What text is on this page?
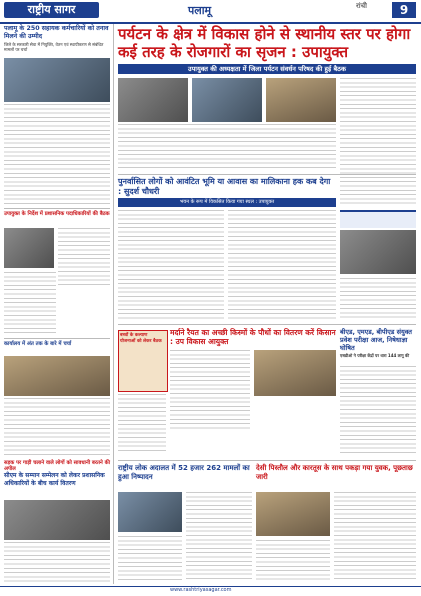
राष्ट्रीय सागर	पलामू	रांची	9
पर्यटन के क्षेत्र में विकास होने से स्थानीय स्तर पर होगा कई तरह के रोजगारों का सृजन : उपायुक्त
उपायुक्त की अध्यक्षता में जिला पर्यटन संवर्धन परिषद की हुई बैठक
पलामू के 250 सहायक कर्मचारियों को तनाव मिलने की उम्मीद
जिले के सरकारी सेवा में नियुक्ति, वेतन एवं स्थायीकरण से संबंधित मामलों पर चर्चा
उपायुक्त के निर्देश में प्रशासनिक पदाधिकारियों की बैठक
कार्यालय में अंत तक के बारे में चर्चा
सड़क पर गाड़ी चलाने वाले लोगों को सावधानी बरतने की अपील
पुनर्वासित लोगों को आवंटित भूमि या आवास का मालिकाना हक कब देगा : सुदर्श चौधरी
भवन के रूप में विकसित किया गया स्थल : उपायुक्त
बच्चों के कल्याण योजनाओं को लेकर बैठक
मर्दाने रैयत का अच्छी किस्मों के पौधों का वितरण करें किसान : उप विकास आयुक्त
बीएड, एमएड, बीपीएड संयुक्त प्रवेश परीक्षा आज, निषेधाज्ञा घोषित
एसडीओ ने परीक्षा केंद्रों पर धारा 144 लागू की
सीएम के सम्मान सम्मेलन को लेकर प्रशासनिक अधिकारियों के बीच कार्य वितरण
राष्ट्रीय लोक अदालत में 52 हजार 262 मामलों का हुआ निष्पादन
देसी पिस्तौल और कारतूस के साथ पकड़ा गया युवक, पूछताछ जारी
www.rashtriyasagar.com
